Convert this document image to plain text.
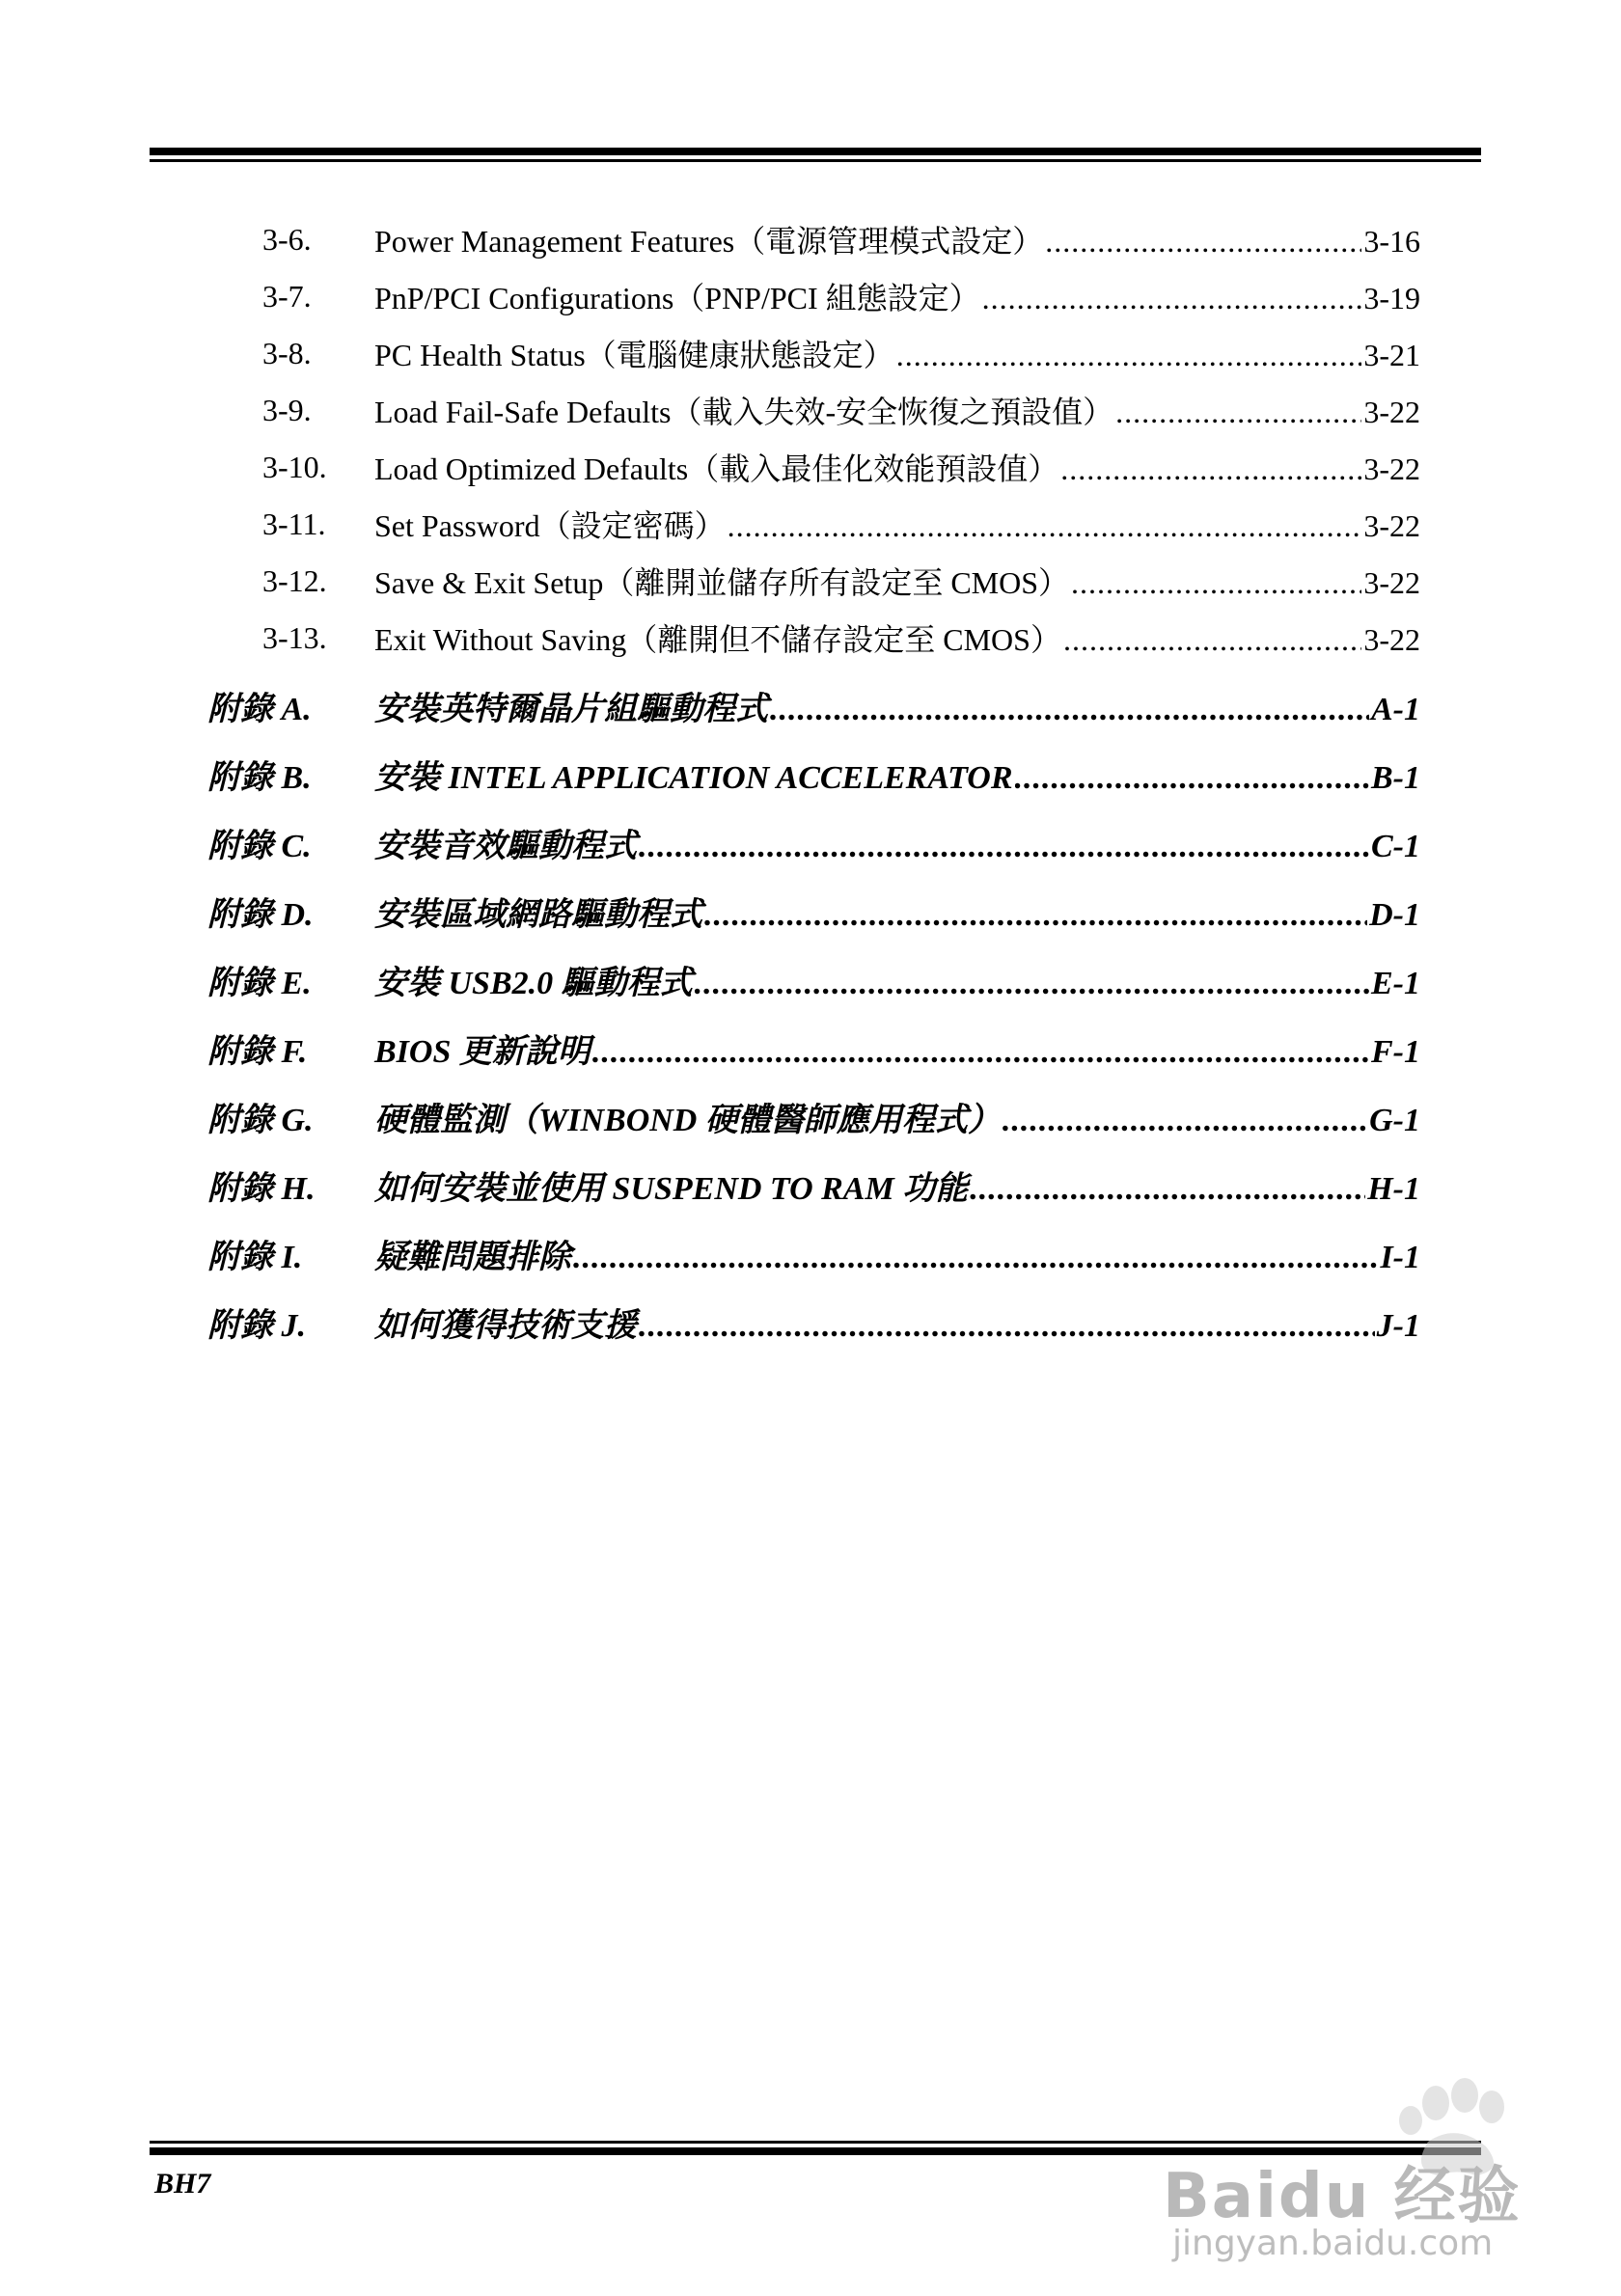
3-6. Power Management Features（電源管理模式設定） .....	3-16
3-7. PnP/PCI Configurations（PNP/PCI 組態設定） .....	3-19
3-8. PC Health Status（電腦健康狀態設定） .....	3-21
3-9. Load Fail-Safe Defaults（載入失效-安全恢復之預設值） .....	3-22
3-10. Load Optimized Defaults（載入最佳化效能預設值） .....	3-22
3-11. Set Password（設定密碼） .....	3-22
3-12. Save & Exit Setup（離開並儲存所有設定至 CMOS） .....	3-22
3-13. Exit Without Saving（離開但不儲存設定至 CMOS） .....	3-22
附錄 A. 安裝英特爾晶片組驅動程式 .....	A-1
附錄 B. 安裝 INTEL APPLICATION ACCELERATOR .....	B-1
附錄 C. 安裝音效驅動程式 .....	C-1
附錄 D. 安裝區域網路驅動程式 .....	D-1
附錄 E. 安裝 USB2.0 驅動程式 .....	E-1
附錄 F. BIOS 更新說明 .....	F-1
附錄 G. 硬體監測（WINBOND 硬體醫師應用程式） .....	G-1
附錄 H. 如何安裝並使用 SUSPEND TO RAM 功能 .....	H-1
附錄 I. 疑難問題排除 .....	I-1
附錄 J. 如何獲得技術支援 .....	J-1
BH7	Baidu 经验
jingyan.baidu.com
